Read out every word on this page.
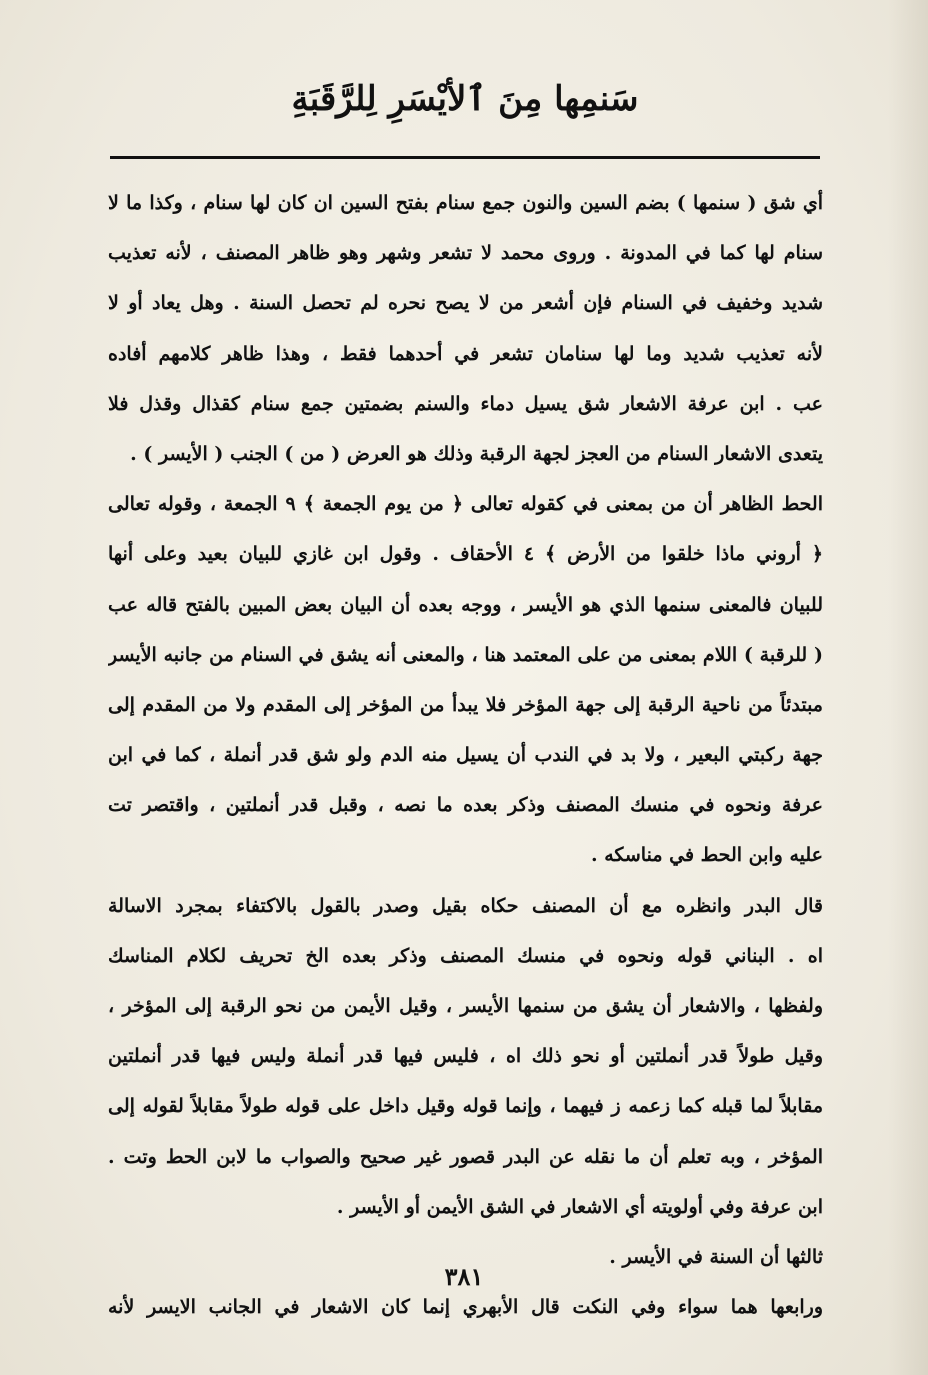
سَنمِها مِنَ ٱلأيْسَرِ لِلرَّقَبَةِ
أي شق ( سنمها ) بضم السين والنون جمع سنام بفتح السين ان كان لها سنام ، وكذا ما لا
سنام لها كما في المدونة . وروى محمد لا تشعر وشهر وهو ظاهر المصنف ، لأنه تعذيب
شديد وخفيف في السنام فإن أشعر من لا يصح نحره لم تحصل السنة . وهل يعاد أو لا
لأنه تعذيب شديد وما لها سنامان تشعر في أحدهما فقط ، وهذا ظاهر كلامهم أفاده
عب . ابن عرفة الاشعار شق يسيل دماء والسنم بضمتين جمع سنام كقذال وقذل فلا
يتعدى الاشعار السنام من العجز لجهة الرقبة وذلك هو العرض ( من ) الجنب ( الأيسر ) .
الحط الظاهر أن من بمعنى في كقوله تعالى ﴿ من يوم الجمعة ﴾ ٩ الجمعة ، وقوله تعالى
﴿ أروني ماذا خلقوا من الأرض ﴾ ٤ الأحقاف . وقول ابن غازي للبيان بعيد وعلى أنها
للبيان فالمعنى سنمها الذي هو الأيسر ، ووجه بعده أن البيان بعض المبين بالفتح قاله عب
( للرقبة ) اللام بمعنى من على المعتمد هنا ، والمعنى أنه يشق في السنام من جانبه الأيسر
مبتدئاً من ناحية الرقبة إلى جهة المؤخر فلا يبدأ من المؤخر إلى المقدم ولا من المقدم إلى
جهة ركبتي البعير ، ولا بد في الندب أن يسيل منه الدم ولو شق قدر أنملة ، كما في ابن
عرفة ونحوه في منسك المصنف وذكر بعده ما نصه ، وقبل قدر أنملتين ، واقتصر تت
عليه وابن الحط في مناسكه .
قال البدر وانظره مع أن المصنف حكاه بقيل وصدر بالقول بالاكتفاء بمجرد الاسالة
اه . البناني قوله ونحوه في منسك المصنف وذكر بعده الخ تحريف لكلام المناسك
ولفظها ، والاشعار أن يشق من سنمها الأيسر ، وقيل الأيمن من نحو الرقبة إلى المؤخر ،
وقيل طولاً قدر أنملتين أو نحو ذلك اه ، فليس فيها قدر أنملة وليس فيها قدر أنملتين
مقابلاً لما قبله كما زعمه ز فيهما ، وإنما قوله وقيل داخل على قوله طولاً مقابلاً لقوله إلى
المؤخر ، وبه تعلم أن ما نقله عن البدر قصور غير صحيح والصواب ما لابن الحط وتت .
ابن عرفة وفي أولويته أي الاشعار في الشق الأيمن أو الأيسر .
ثالثها أن السنة في الأيسر .
ورابعها هما سواء وفي النكت قال الأبهري إنما كان الاشعار في الجانب الايسر لأنه
٣٨١
